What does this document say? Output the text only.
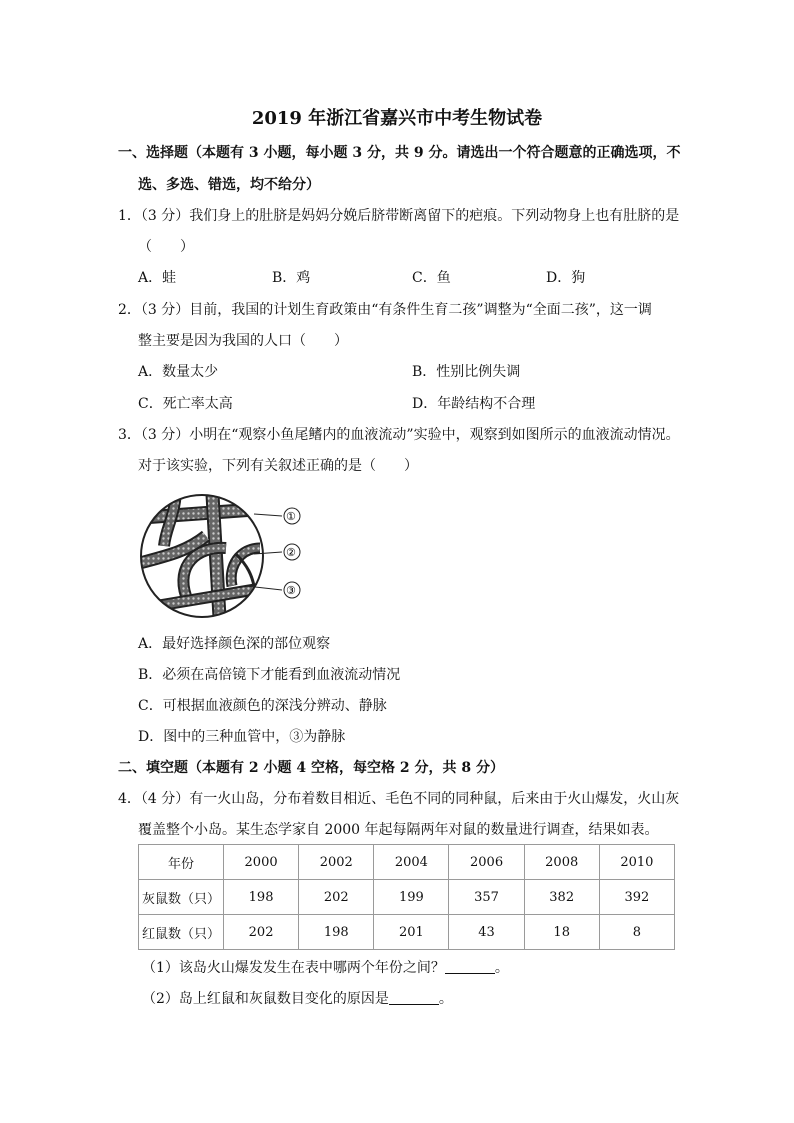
2019 年浙江省嘉兴市中考生物试卷
一、选择题（本题有 3 小题，每小题 3 分，共 9 分。请选出一个符合题意的正确选项，不
选、多选、错选，均不给分）
1．（3 分）我们身上的肚脐是妈妈分娩后脐带断离留下的疤痕。下列动物身上也有肚脐的是
（　　）
A．蛙	B．鸡	C．鱼	D．狗
2．（3 分）目前，我国的计划生育政策由“有条件生育二孩”调整为“全面二孩”，这一调
整主要是因为我国的人口（　　）
A．数量太少	B．性别比例失调
C．死亡率太高	D．年龄结构不合理
3．（3 分）小明在“观察小鱼尾鳍内的血液流动”实验中，观察到如图所示的血液流动情况。
对于该实验，下列有关叙述正确的是（　　）
①
②
③
A．最好选择颜色深的部位观察
B．必须在高倍镜下才能看到血液流动情况
C．可根据血液颜色的深浅分辨动、静脉
D．图中的三种血管中，③为静脉
二、填空题（本题有 2 小题 4 空格，每空格 2 分，共 8 分）
4．（4 分）有一火山岛，分布着数目相近、毛色不同的同种鼠，后来由于火山爆发，火山灰
覆盖整个小岛。某生态学家自 2000 年起每隔两年对鼠的数量进行调查，结果如表。
年份	2000	2002	2004	2006	2008	2010
灰鼠数（只）	198	202	199	357	382	392
红鼠数（只）	202	198	201	43	18	8
（1）该岛火山爆发发生在表中哪两个年份之间？	。
（2）岛上红鼠和灰鼠数目变化的原因是	。
